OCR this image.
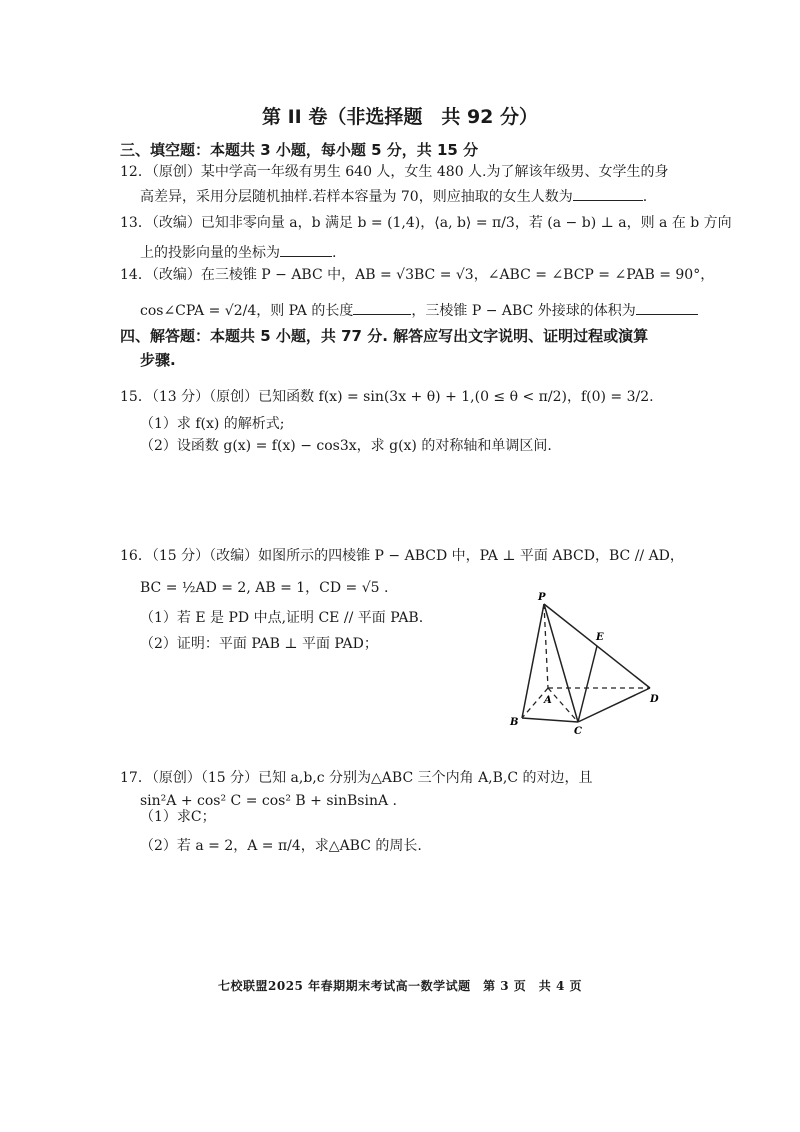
第 II 卷（非选择题　共 92 分）
三、填空题：本题共 3 小题，每小题 5 分，共 15 分
12．（原创）某中学高一年级有男生 640 人，女生 480 人.为了解该年级男、女学生的身
高差异，采用分层随机抽样.若样本容量为 70，则应抽取的女生人数为	.
13．（改编）已知非零向量 a，b 满足 b = (1,4)，⟨a, b⟩ = π/3，若 (a − b) ⊥ a，则 a 在 b 方向
上的投影向量的坐标为	.
14．（改编）在三棱锥 P − ABC 中，AB = √3BC = √3，∠ABC = ∠BCP = ∠PAB = 90°，
cos∠CPA = √2/4，则 PA 的长度	，三棱锥 P − ABC 外接球的体积为
四、解答题：本题共 5 小题，共 77 分. 解答应写出文字说明、证明过程或演算
步骤.
15．（13 分）（原创）已知函数 f(x) = sin(3x + θ) + 1,(0 ≤ θ < π/2)，f(0) = 3/2.
（1）求 f(x) 的解析式;
（2）设函数 g(x) = f(x) − cos3x，求 g(x) 的对称轴和单调区间.
16．（15 分）（改编）如图所示的四棱锥 P − ABCD 中，PA ⊥ 平面 ABCD，BC // AD，
BC = ½AD = 2, AB = 1，CD = √5 .
（1）若 E 是 PD 中点,证明 CE // 平面 PAB.
（2）证明：平面 PAB ⊥ 平面 PAD；
P
A
B
C
D
E
17．（原创）（15 分）已知 a,b,c 分别为△ABC 三个内角 A,B,C 的对边，且
sin²A + cos² C = cos² B + sinBsinA .
（1）求C；
（2）若 a = 2，A = π/4，求△ABC 的周长.
七校联盟2025 年春期期末考试高一数学试题　第 3 页　共 4 页
